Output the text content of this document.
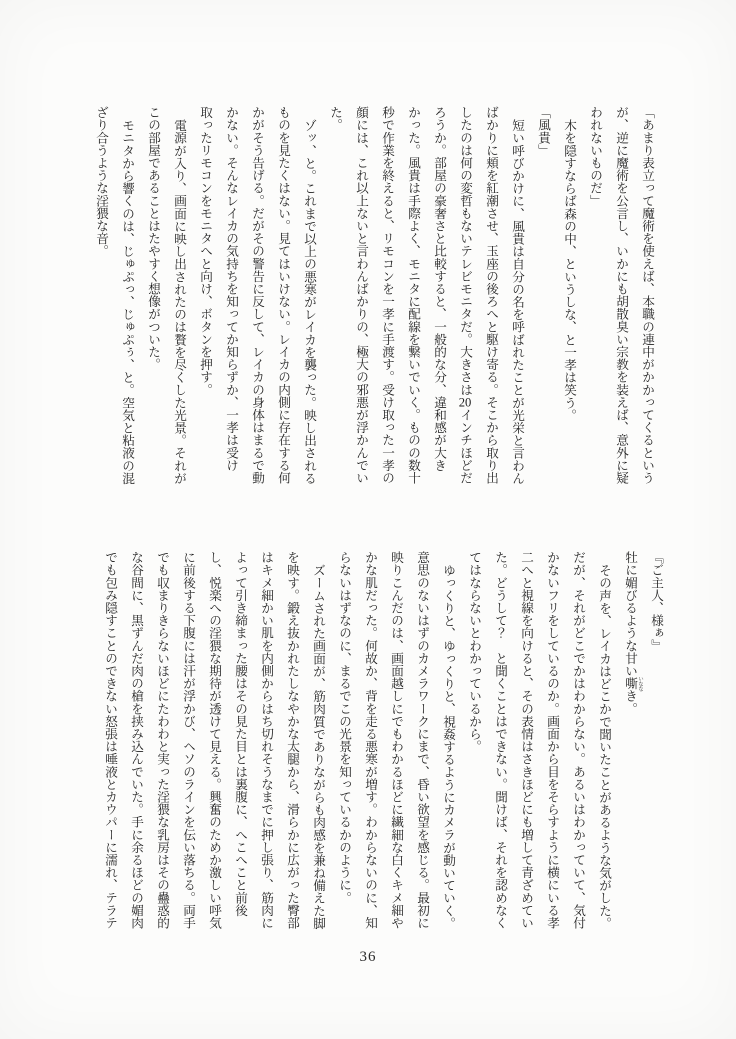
「あまり表立って魔術を使えば、本職の連中がかかってくるというが、逆に魔術を公言し、いかにも胡散臭い宗教を装えば、意外に疑われないものだ」

木を隠すならば森の中、というしな、と一孝は笑う。

「風貴」

短い呼びかけに、風貴は自分の名を呼ばれたことが光栄と言わんばかりに頬を紅潮させ、玉座の後ろへと駆け寄る。そこから取り出したのは何の変哲もないテレビモニタだ。大きさは20インチほどだろうか。部屋の豪奢さと比較すると、一般的な分、違和感が大きかった。風貴は手際よく、モニタに配線を繋いでいく。ものの数十秒で作業を終えると、リモコンを一孝に手渡す。受け取った一孝の顔には、これ以上ないと言わんばかりの、極大の邪悪が浮かんでいた。

ゾッ、と。これまで以上の悪寒がレイカを襲った。映し出されるものを見たくはない。見てはいけない。レイカの内側に存在する何かがそう告げる。だがその警告に反して、レイカの身体はまるで動かない。そんなレイカの気持ちを知ってか知らずか、一孝は受け取ったリモコンをモニタへと向け、ボタンを押す。

電源が入り、画面に映し出されたのは贅を尽くした光景。それがこの部屋であることはたやすく想像がついた。

モニタから響くのは、じゅぷっ、じゅぷぅ、と。空気と粘液の混ざり合うような淫猥な音。

『ご主人、様ぁ』

牡に媚びるような甘い嘶 いななき。

その声を、レイカはどこかで聞いたことがあるような気がした。

だが、それがどこでかはわからない。あるいはわかっていて、気付かないフリをしているのか。画面から目をそらすように横にいる孝二へと視線を向けると、その表情はさきほどにも増して青ざめていた。どうして？　と聞くことはできない。聞けば、それを認めなくてはならないとわかっているから。

ゆっくりと、ゆっくりと、視姦するようにカメラが動いていく。意思のないはずのカメラワークにまで、昏い欲望を感じる。最初に映りこんだのは、画面越しにでもわかるほどに繊細な白くキメ細やかな肌だった。何故か、背を走る悪寒が増す。わからないのに、知らないはずなのに、まるでこの光景を知っているかのように。

ズームされた画面が、筋肉質でありながらも肉感を兼ね備えた脚を映す。鍛え抜かれたしなやかな太腿から、滑らかに広がった臀部はキメ細かい肌を内側からはち切れそうなまでに押し張り、筋肉によって引き締まった腰はその見た目とは裏腹に、へこへこと前後し、悦楽への淫猥な期待が透けて見える。興奮のためか激しい呼気に前後する下腹には汗が浮かび、ヘソのラインを伝い落ちる。両手でも収まりきらないほどにたわわと実った淫猥な乳房はその蠱惑的な谷間に、黒ずんだ肉の槍を挟み込んでいた。手に余るほどの媚肉でも包み隠すことのできない怒張は唾液とカウパーに濡れ、テラテ

36
